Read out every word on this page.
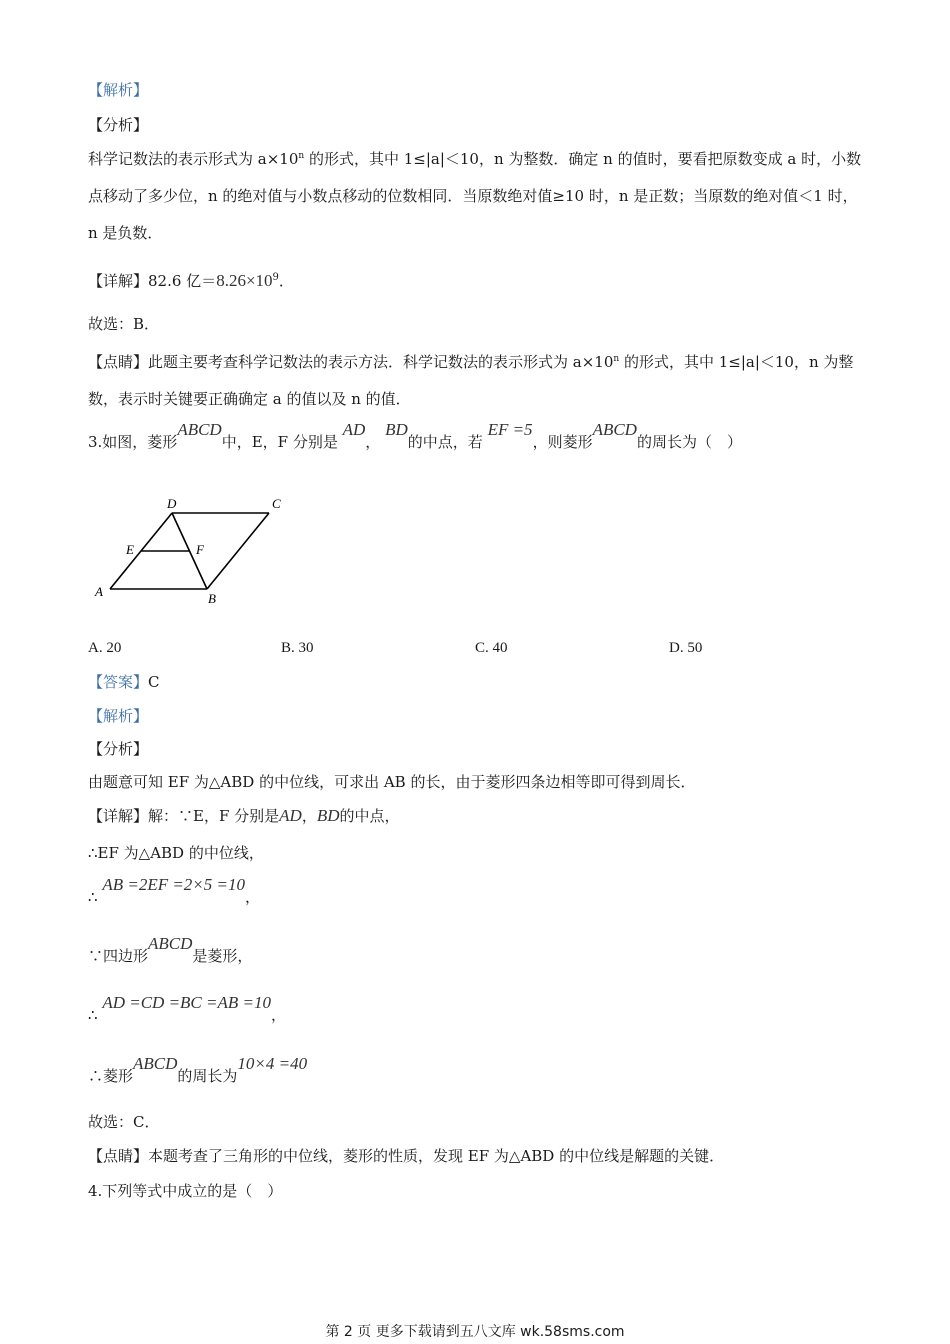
【解析】
【分析】
科学记数法的表示形式为 $a\times 10^n$ 的形式，其中 1≤|a|＜10，n 为整数．确定 n 的值时，要看把原数变成 a 时，小数点移动了多少位，n 的绝对值与小数点移动的位数相同．当原数绝对值≥10 时，n 是正数；当原数的绝对值＜1 时，n 是负数．
【详解】82.6 亿$=8.26\times 10^9$．
故选：B．
【点睛】此题主要考查科学记数法的表示方法．科学记数法的表示形式为 $a\times 10^n$ 的形式，其中 1≤|a|＜10，n 为整数，表示时关键要正确确定 a 的值以及 n 的值．
3.如图，菱形ABCD中，E，F 分别是 AD， BD的中点，若 EF =5，则菱形ABCD的周长为（　）
A	B
C
D
E	F
A. 20	B. 30	C. 40	D. 50
【答案】C
【解析】
【分析】
由题意可知 EF 为△ABD 的中位线，可求出 AB 的长，由于菱形四条边相等即可得到周长．
【详解】解：∵E，F 分别是AD，BD的中点，
∴EF 为△ABD 的中位线，
∴ AB =2EF =2×5 =10，
∵四边形ABCD是菱形，
∴ AD =CD =BC =AB =10，
∴菱形ABCD的周长为10×4 =40
故选：C．
【点睛】本题考查了三角形的中位线，菱形的性质，发现 EF 为△ABD 的中位线是解题的关键．
4.下列等式中成立的是（　）
第 2 页 更多下载请到五八文库 wk.58sms.com
